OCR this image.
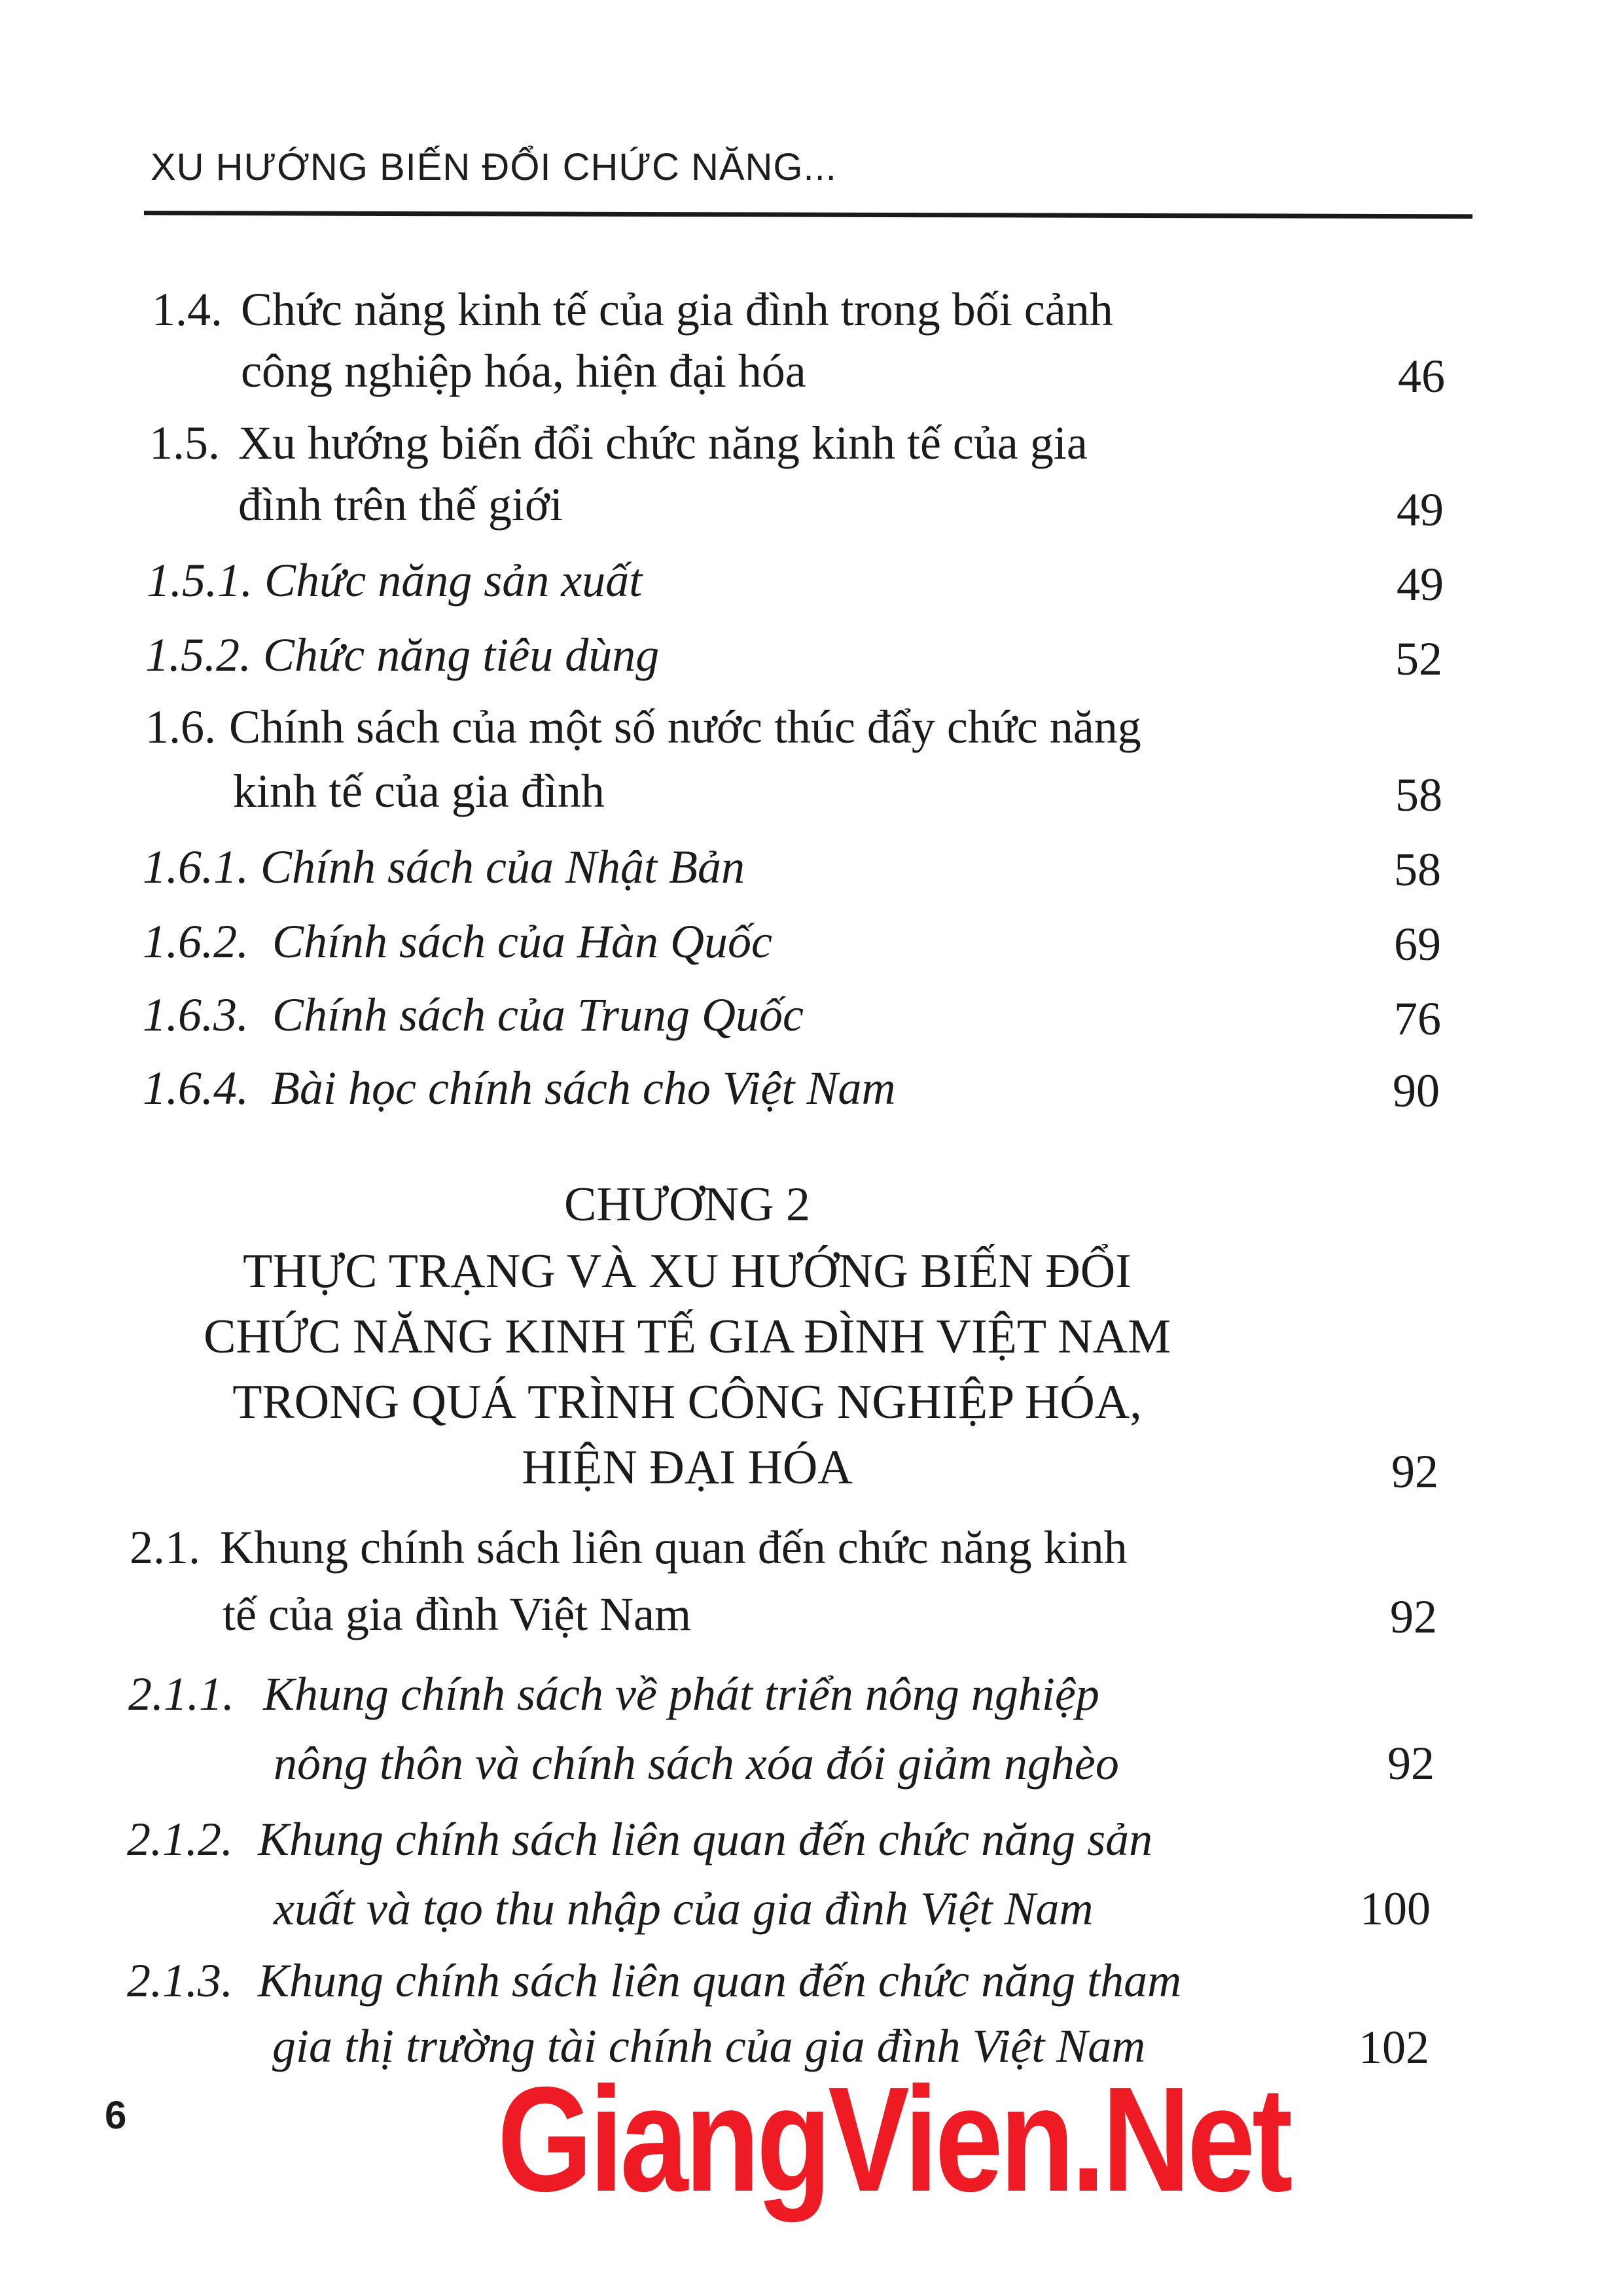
XU HƯỚNG BIẾN ĐỔI CHỨC NĂNG...
1.4. Chức năng kinh tế của gia đình trong bối cảnh
công nghiệp hóa, hiện đại hóa	46
1.5. Xu hướng biến đổi chức năng kinh tế của gia
đình trên thế giới	49
1.5.1. Chức năng sản xuất	49
1.5.2. Chức năng tiêu dùng	52
1.6. Chính sách của một số nước thúc đẩy chức năng
kinh tế của gia đình	58
1.6.1. Chính sách của Nhật Bản	58
1.6.2. Chính sách của Hàn Quốc	69
1.6.3. Chính sách của Trung Quốc	76
1.6.4. Bài học chính sách cho Việt Nam	90
CHƯƠNG 2
THỰC TRẠNG VÀ XU HƯỚNG BIẾN ĐỔI
CHỨC NĂNG KINH TẾ GIA ĐÌNH VIỆT NAM
TRONG QUÁ TRÌNH CÔNG NGHIỆP HÓA,
HIỆN ĐẠI HÓA	92
2.1. Khung chính sách liên quan đến chức năng kinh
tế của gia đình Việt Nam	92
2.1.1. Khung chính sách về phát triển nông nghiệp
nông thôn và chính sách xóa đói giảm nghèo	92
2.1.2. Khung chính sách liên quan đến chức năng sản
xuất và tạo thu nhập của gia đình Việt Nam	100
2.1.3. Khung chính sách liên quan đến chức năng tham
gia thị trường tài chính của gia đình Việt Nam	102
6 GiangVien.Net
